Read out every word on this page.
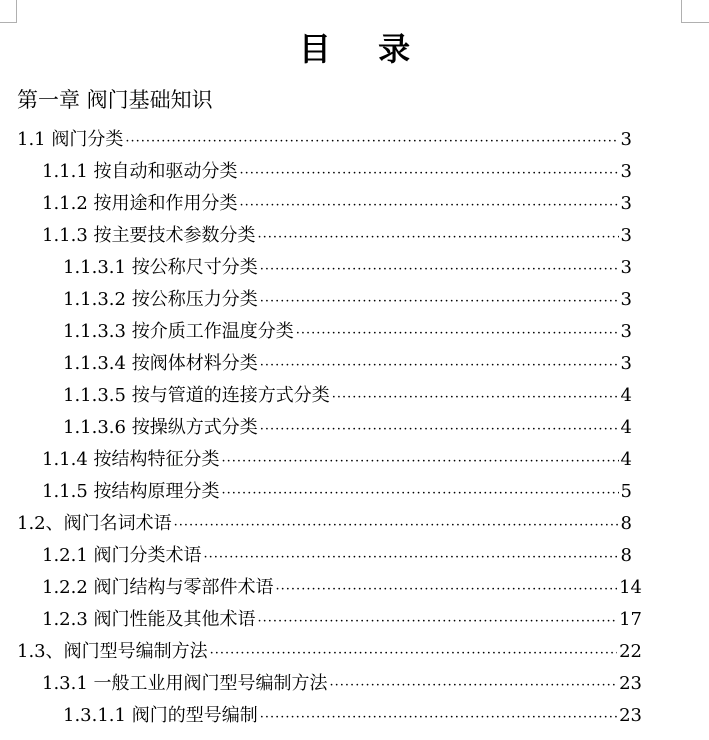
目 录
第一章 阀门基础知识
1.1 阀门分类 ·····	3
1.1.1 按自动和驱动分类 ·····	3
1.1.2 按用途和作用分类 ·····	3
1.1.3 按主要技术参数分类 ·····	3
1.1.3.1 按公称尺寸分类 ·····	3
1.1.3.2 按公称压力分类 ·····	3
1.1.3.3 按介质工作温度分类 ·····	3
1.1.3.4 按阀体材料分类 ·····	3
1.1.3.5 按与管道的连接方式分类 ·····	4
1.1.3.6 按操纵方式分类 ·····	4
1.1.4 按结构特征分类 ·····	4
1.1.5 按结构原理分类 ·····	5
1.2、阀门名词术语 ·····	8
1.2.1 阀门分类术语 ·····	8
1.2.2 阀门结构与零部件术语 ·····	14
1.2.3 阀门性能及其他术语 ·····	17
1.3、阀门型号编制方法 ·····	22
1.3.1 一般工业用阀门型号编制方法 ·····	23
1.3.1.1 阀门的型号编制 ·····	23
